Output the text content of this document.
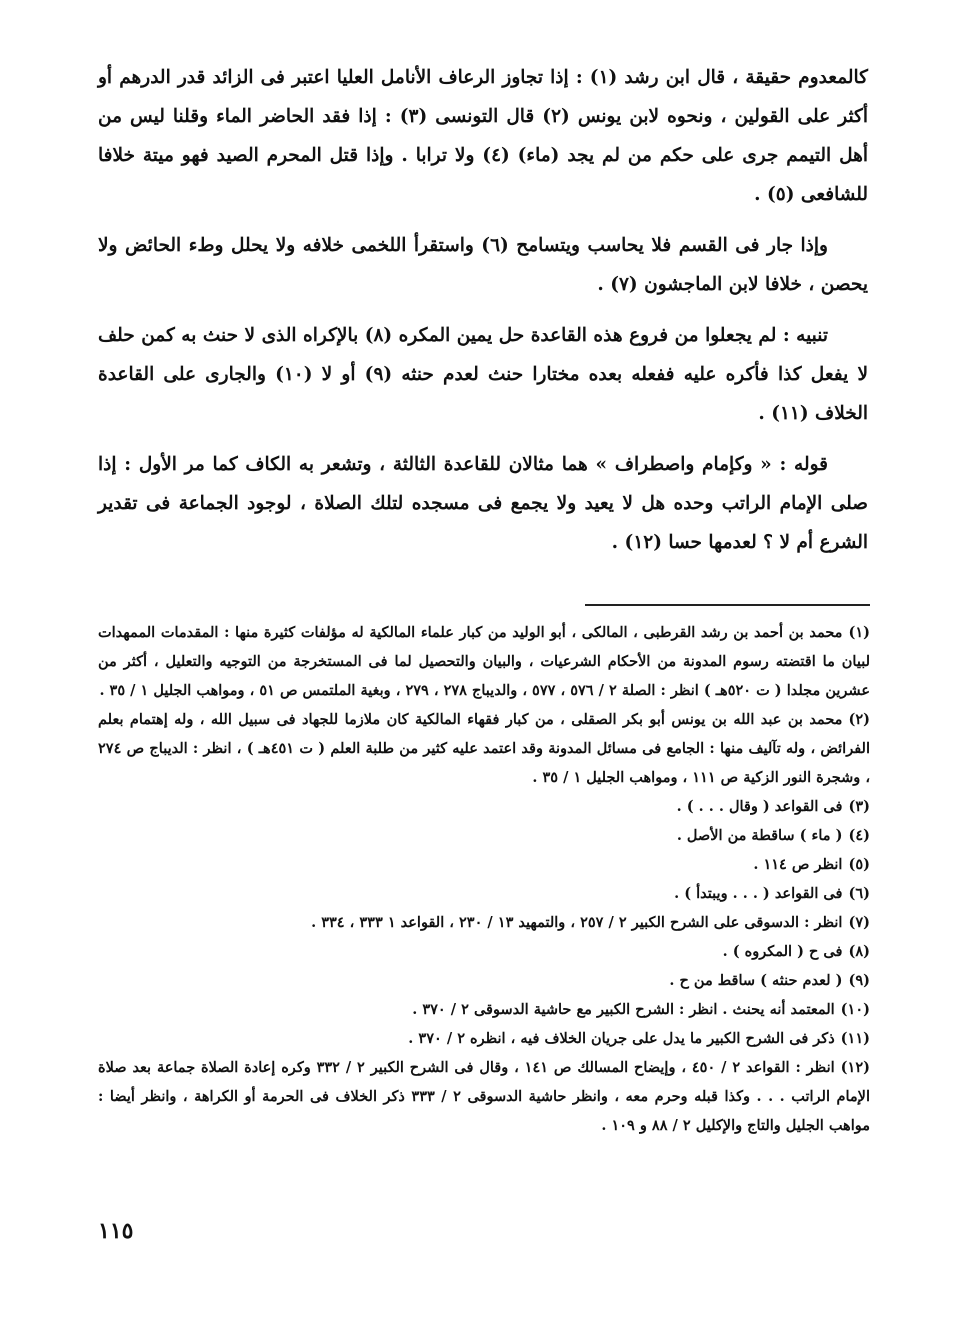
كالمعدوم حقيقة ، قال ابن رشد (١) : إذا تجاوز الرعاف الأنامل العليا اعتبر فى الزائد قدر الدرهم أو أكثر على القولين ، ونحوه لابن يونس (٢) قال التونسى (٣) : إذا فقد الحاضر الماء وقلنا ليس من أهل التيمم جرى على حكم من لم يجد (ماء) (٤) ولا ترابا . وإذا قتل المحرم الصيد فهو ميتة خلافا للشافعى (٥) .

وإذا جار فى القسم فلا يحاسب ويتسامح (٦) واستقرأ اللخمى خلافه ولا يحلل وطء الحائض ولا يحصن ، خلافا لابن الماجشون (٧) .

تنبيه : لم يجعلوا من فروع هذه القاعدة حل يمين المكره (٨) بالإكراه الذى لا حنث به كمن حلف لا يفعل كذا فأكره عليه ففعله بعده مختارا حنث لعدم حنثه (٩) أو لا (١٠) والجارى على القاعدة الخلاف (١١) .

قوله : « وكإمام واصطراف » هما مثالان للقاعدة الثالثة ، وتشعر به الكاف كما مر الأول : إذا صلى الإمام الراتب وحده هل لا يعيد ولا يجمع فى مسجده لتلك الصلاة ، لوجود الجماعة فى تقدير الشرع أم لا ؟ لعدمها حسا (١٢) .

(١)محمد بن أحمد بن رشد القرطبى ، المالكى ، أبو الوليد من كبار علماء المالكية له مؤلفات كثيرة منها : المقدمات الممهدات لبيان ما اقتضته رسوم المدونة من الأحكام الشرعيات ، والبيان والتحصيل لما فى المستخرجة من التوجيه والتعليل ، أكثر من عشرين مجلدا ( ت ٥٢٠هـ ) انظر : الصلة ٢ / ٥٧٦ ، ٥٧٧ ، والديباج ٢٧٨ ، ٢٧٩ ، وبغية الملتمس ص ٥١ ، ومواهب الجليل ١ / ٣٥ .
(٢)محمد بن عبد الله بن يونس أبو بكر الصقلى ، من كبار فقهاء المالكية كان ملازما للجهاد فى سبيل الله ، وله إهتمام بعلم الفرائض ، وله تآليف منها : الجامع فى مسائل المدونة وقد اعتمد عليه كثير من طلبة العلم ( ت ٤٥١هـ ) ، انظر : الديباج ص ٢٧٤ ، وشجرة النور الزكية ص ١١١ ، ومواهب الجليل ١ / ٣٥ .
(٣)فى القواعد ( وقال . . . ) .
(٤)( ماء ) ساقطة من الأصل .
(٥)انظر ص ١١٤ .
(٦)فى القواعد ( . . . ويبتدأ ) .
(٧)انظر : الدسوقى على الشرح الكبير ٢ / ٢٥٧ ، والتمهيد ١٣ / ٢٣٠ ، القواعد ١ ٣٣٣ ، ٣٣٤ .
(٨)فى ح ( المكروه ) .
(٩)( لعدم حنثه ) ساقط من ح .
(١٠)المعتمد أنه يحنث . انظر : الشرح الكبير مع حاشية الدسوقى ٢ / ٣٧٠ .
(١١)ذكر فى الشرح الكبير ما يدل على جريان الخلاف فيه ، انظره ٢ / ٣٧٠ .
(١٢)انظر : القواعد ٢ / ٤٥٠ ، وإيضاح المسالك ص ١٤١ ، وقال فى الشرح الكبير ٢ / ٣٣٢ وكره إعادة الصلاة جماعة بعد صلاة الإمام الراتب . . . وكذا قبله وحرم معه ، وانظر حاشية الدسوقى ٢ / ٣٣٣ ذكر الخلاف فى الحرمة أو الكراهة ، وانظر أيضا : مواهب الجليل والتاج والإكليل ٢ / ٨٨ و ١٠٩ .
١١٥
